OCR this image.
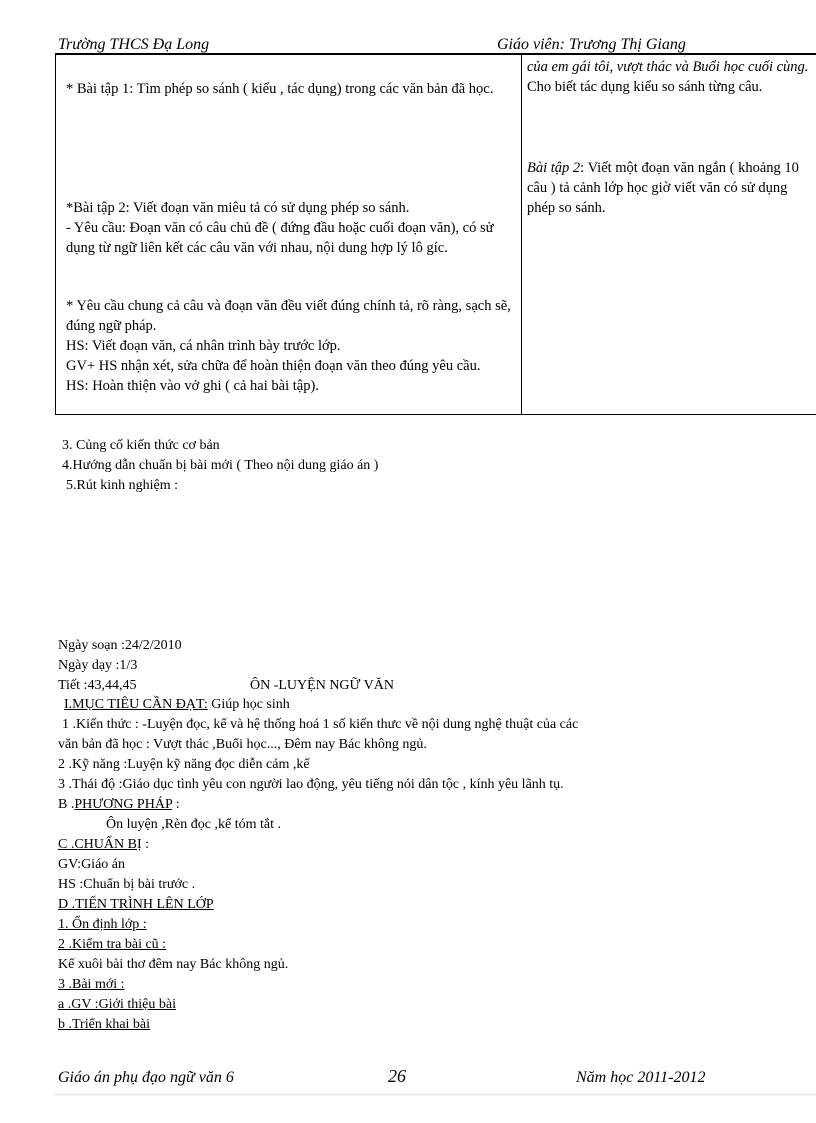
Trường THCS Đạ Long	Giáo viên: Trương Thị Giang

* Bài tập 1: Tìm phép so sánh ( kiểu , tác dụng) trong các văn bản đã học.

*Bài tập 2: Viết đoạn văn miêu tả có sử dụng phép so sánh.

- Yêu cầu: Đoạn văn có câu chủ đề ( đứng đầu hoặc cuối đoạn văn), có sử dụng từ ngữ liên kết các câu văn với nhau, nội dung hợp lý lô gíc.

* Yêu cầu chung cả câu và đoạn văn đều viết đúng chính tả, rõ ràng, sạch sẽ, đúng ngữ pháp.

HS: Viết đoạn văn, cá nhân trình bày trước lớp.

GV+ HS nhận xét, sửa chữa để hoàn thiện đoạn văn theo đúng yêu cầu.

HS: Hoàn thiện vào vở ghi ( cả hai bài tập).

của em gái tôi, vượt thác và Buổi học cuối cùng. Cho biết tác dụng kiểu so sánh từng câu.

Bài tập 2: Viết một đoạn văn ngắn ( khoảng 10 câu ) tả cảnh lớp học giờ viết văn có sử dụng phép so sánh.

3. Củng cố kiến thức cơ bản
4.Hướng dẫn chuẩn bị bài mới ( Theo nội dung giáo án )
5.Rút kinh nghiệm :
Ngày soạn :24/2/2010
Ngày dạy :1/3
Tiết :43,44,45	ÔN -LUYỆN NGỮ VĂN
I.MỤC TIÊU CẦN ĐẠT: Giúp học sinh
1 .Kiến thức : -Luyện đọc, kể và hệ thống hoá 1 số kiến thưc về nội dung nghệ thuật của các
văn bản đã học : Vượt thác ,Buổi học..., Đêm nay Bác không ngủ.
2 .Kỹ năng :Luyện kỹ năng đọc diễn cảm ,kể
3 .Thái độ :Giáo dục tình yêu con người lao động, yêu tiếng nói dân tộc , kính yêu lãnh tụ.
B .PHƯƠNG PHÁP :
Ôn luyện ,Rèn đọc ,kể tóm tắt .
C .CHUẨN BỊ :
GV:Giáo án
HS :Chuẩn bị bài trước .
D .TIẾN TRÌNH LÊN LỚP
1. Ổn định lớp :
2 .Kiểm tra bài cũ :
Kể xuôi bài thơ đêm nay Bác không ngủ.
3 .Bài mới :
a .GV :Giới thiệu bài
b .Triển khai bài
Giáo án phụ đạo ngữ văn 6	26	Năm học 2011-2012
